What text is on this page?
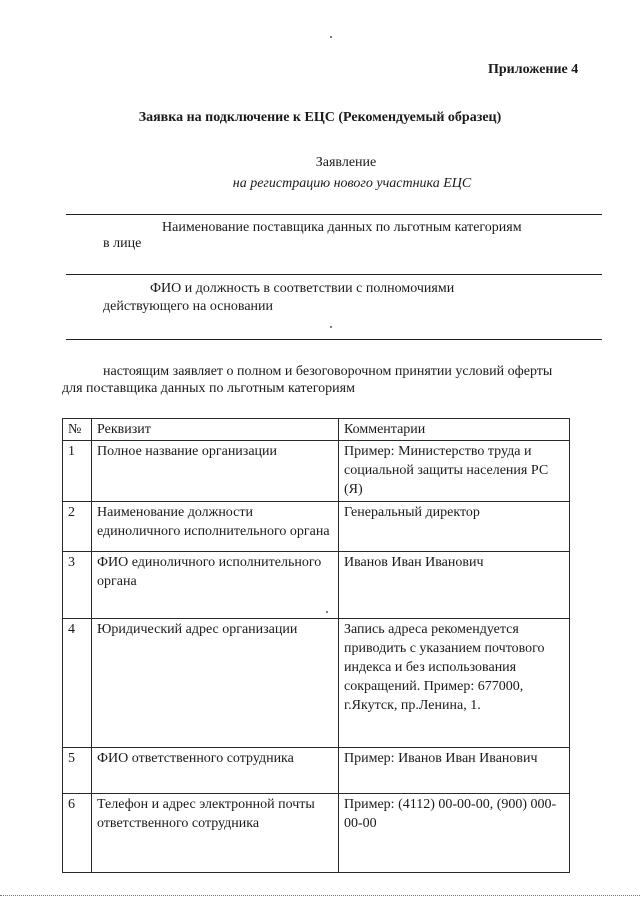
Приложение 4
Заявка на подключение к ЕЦС (Рекомендуемый образец)
Заявление
на регистрацию нового участника ЕЦС
Наименование поставщика данных по льготным категориям
в лице
ФИО и должность в соответствии с полномочиями
действующего на основании
настоящим заявляет о полном и безоговорочном принятии условий оферты
для поставщика данных по льготным категориям
№	Реквизит	Комментарии
1	Полное название организации	Пример: Министерство труда и социальной защиты населения РС (Я)
2	Наименование должности единоличного исполнительного органа	Генеральный директор
3	ФИО единоличного исполнительного органа	Иванов Иван Иванович
4	Юридический адрес организации	Запись адреса рекомендуется приводить с указанием почтового индекса и без использования сокращений. Пример: 677000, г.Якутск, пр.Ленина, 1.
5	ФИО ответственного сотрудника	Пример: Иванов Иван Иванович
6	Телефон и адрес электронной почты ответственного сотрудника	Пример: (4112) 00-00-00, (900) 000-00-00
